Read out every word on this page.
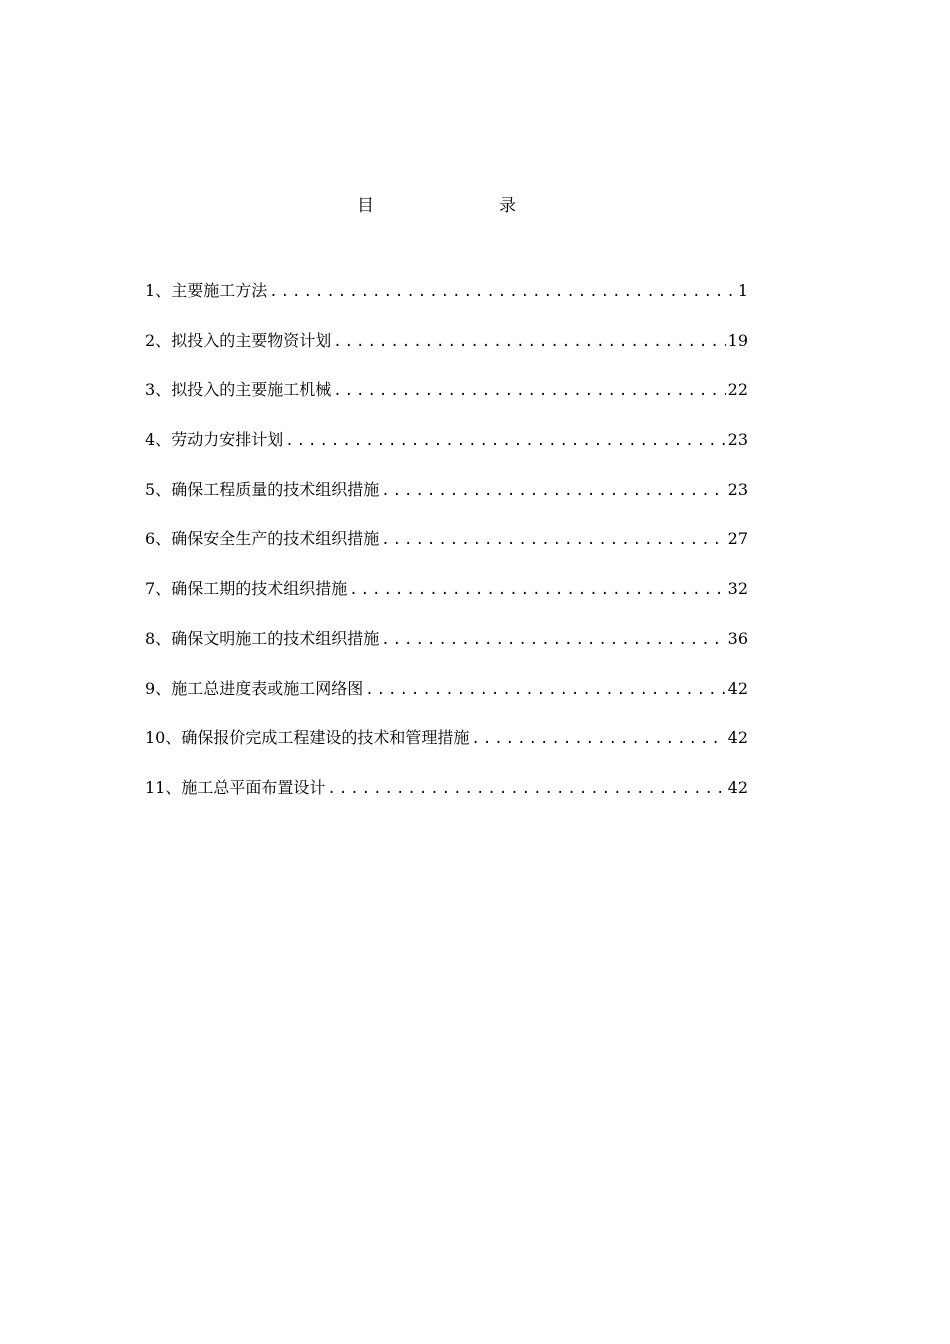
目	录
1、 主要施工方法 .....	1
2、 拟投入的主要物资计划 .....	19
3、 拟投入的主要施工机械 .....	22
4、 劳动力安排计划 .....	23
5、 确保工程质量的技术组织措施 .....	23
6、 确保安全生产的技术组织措施 .....	27
7、 确保工期的技术组织措施 .....	32
8、 确保文明施工的技术组织措施 .....	36
9、 施工总进度表或施工网络图 .....	42
10、 确保报价完成工程建设的技术和管理措施 .....	42
11、 施工总平面布置设计 .....	42
